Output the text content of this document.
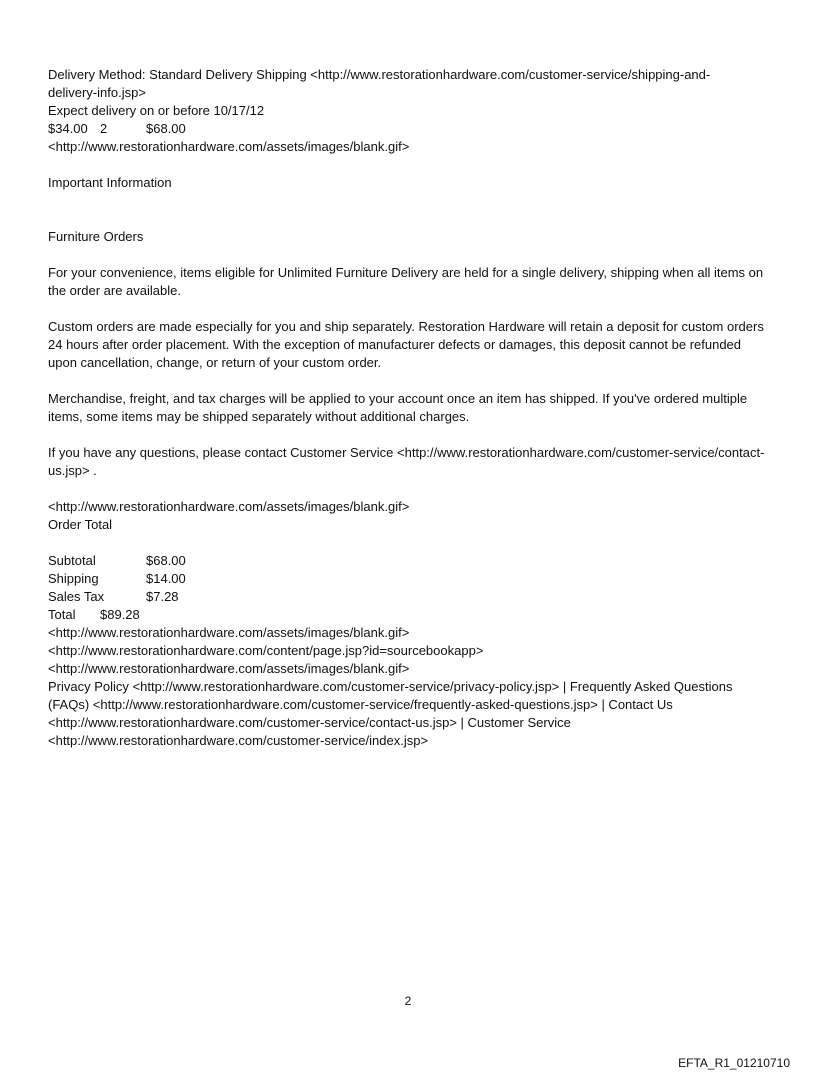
Delivery Method: Standard Delivery Shipping <http://www.restorationhardware.com/customer-service/shipping-and-
delivery-info.jsp>
Expect delivery on or before 10/17/12
$34.00 2	$68.00
<http://www.restorationhardware.com/assets/images/blank.gif>
Important Information
Furniture Orders

For your convenience, items eligible for Unlimited Furniture Delivery are held for a single delivery, shipping when all items on the order are available.

Custom orders are made especially for you and ship separately. Restoration Hardware will retain a deposit for custom orders 24 hours after order placement. With the exception of manufacturer defects or damages, this deposit cannot be refunded upon cancellation, change, or return of your custom order.

Merchandise, freight, and tax charges will be applied to your account once an item has shipped. If you've ordered multiple items, some items may be shipped separately without additional charges.

If you have any questions, please contact Customer Service <http://www.restorationhardware.com/customer-service/contact-us.jsp> .

<http://www.restorationhardware.com/assets/images/blank.gif>
Order Total
Subtotal	$68.00
Shipping	$14.00
Sales Tax	$7.28
Total	$89.28
<http://www.restorationhardware.com/assets/images/blank.gif>
<http://www.restorationhardware.com/content/page.jsp?id=sourcebookapp>
<http://www.restorationhardware.com/assets/images/blank.gif>

Privacy Policy <http://www.restorationhardware.com/customer-service/privacy-policy.jsp> | Frequently Asked Questions (FAQs) <http://www.restorationhardware.com/customer-service/frequently-asked-questions.jsp> | Contact Us <http://www.restorationhardware.com/customer-service/contact-us.jsp> | Customer Service <http://www.restorationhardware.com/customer-service/index.jsp>

2
EFTA_R1_01210710
